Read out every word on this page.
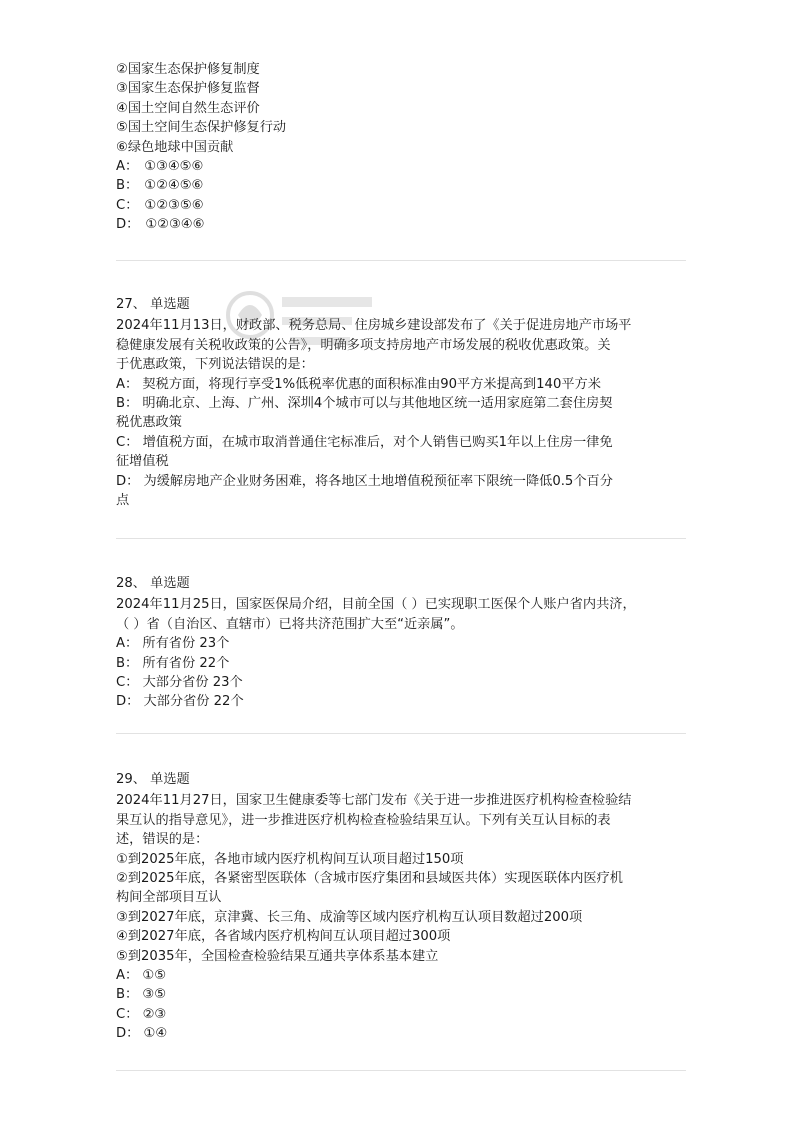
②国家生态保护修复制度
③国家生态保护修复监督
④国土空间自然生态评价
⑤国土空间生态保护修复行动
⑥绿色地球中国贡献
A： ①③④⑤⑥
B： ①②④⑤⑥
C： ①②③⑤⑥
D： ①②③④⑥
27、 单选题
2024年11月13日，财政部、税务总局、住房城乡建设部发布了《关于促进房地产市场平
稳健康发展有关税收政策的公告》，明确多项支持房地产市场发展的税收优惠政策。关
于优惠政策，下列说法错误的是：
A： 契税方面，将现行享受1%低税率优惠的面积标准由90平方米提高到140平方米
B： 明确北京、上海、广州、深圳4个城市可以与其他地区统一适用家庭第二套住房契
税优惠政策
C： 增值税方面，在城市取消普通住宅标准后，对个人销售已购买1年以上住房一律免
征增值税
D： 为缓解房地产企业财务困难，将各地区土地增值税预征率下限统一降低0.5个百分
点
28、 单选题
2024年11月25日，国家医保局介绍，目前全国（ ）已实现职工医保个人账户省内共济，
（ ）省（自治区、直辖市）已将共济范围扩大至“近亲属”。
A： 所有省份 23个
B： 所有省份 22个
C： 大部分省份 23个
D： 大部分省份 22个
29、 单选题
2024年11月27日，国家卫生健康委等七部门发布《关于进一步推进医疗机构检查检验结
果互认的指导意见》，进一步推进医疗机构检查检验结果互认。下列有关互认目标的表
述，错误的是：
①到2025年底，各地市域内医疗机构间互认项目超过150项
②到2025年底，各紧密型医联体（含城市医疗集团和县域医共体）实现医联体内医疗机
构间全部项目互认
③到2027年底，京津冀、长三角、成渝等区域内医疗机构互认项目数超过200项
④到2027年底，各省域内医疗机构间互认项目超过300项
⑤到2035年，全国检查检验结果互通共享体系基本建立
A： ①⑤
B： ③⑤
C： ②③
D： ①④
